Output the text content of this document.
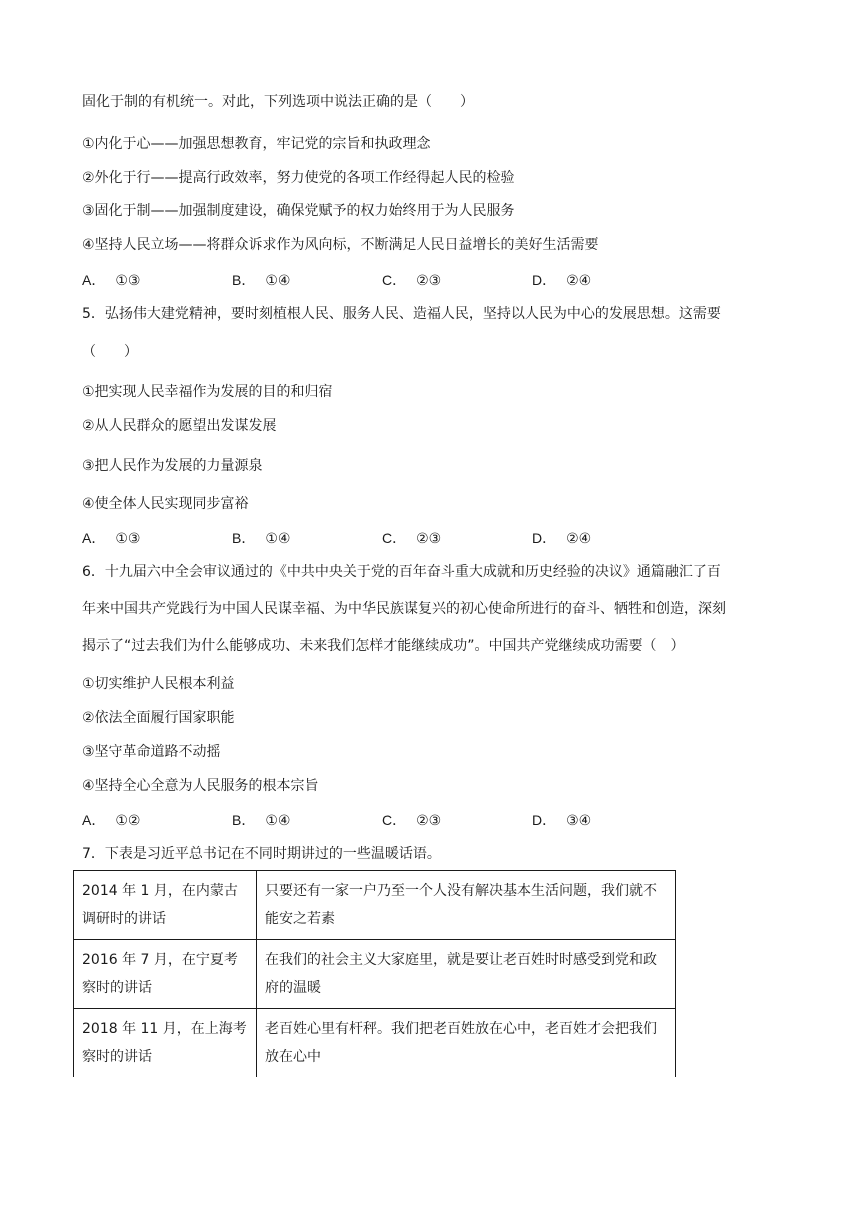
固化于制的有机统一。对此，下列选项中说法正确的是（　　）
①内化于心——加强思想教育，牢记党的宗旨和执政理念
②外化于行——提高行政效率，努力使党的各项工作经得起人民的检验
③固化于制——加强制度建设，确保党赋予的权力始终用于为人民服务
④坚持人民立场——将群众诉求作为风向标，不断满足人民日益增长的美好生活需要
A． ①③	B． ①④	C． ②③	D． ②④
5．弘扬伟大建党精神，要时刻植根人民、服务人民、造福人民，坚持以人民为中心的发展思想。这需要
（　　）
①把实现人民幸福作为发展的目的和归宿
②从人民群众的愿望出发谋发展
③把人民作为发展的力量源泉
④使全体人民实现同步富裕
A． ①③	B． ①④	C． ②③	D． ②④
6．十九届六中全会审议通过的《中共中央关于党的百年奋斗重大成就和历史经验的决议》通篇融汇了百
年来中国共产党践行为中国人民谋幸福、为中华民族谋复兴的初心使命所进行的奋斗、牺牲和创造，深刻
揭示了“过去我们为什么能够成功、未来我们怎样才能继续成功”。中国共产党继续成功需要（　）
①切实维护人民根本利益
②依法全面履行国家职能
③坚守革命道路不动摇
④坚持全心全意为人民服务的根本宗旨
A． ①②	B． ①④	C． ②③	D． ③④
7．下表是习近平总书记在不同时期讲过的一些温暖话语。
2014 年 1 月，在内蒙古调研时的讲话	只要还有一家一户乃至一个人没有解决基本生活问题，我们就不能安之若素
2016 年 7 月，在宁夏考察时的讲话	在我们的社会主义大家庭里，就是要让老百姓时时感受到党和政府的温暖
2018 年 11 月，在上海考察时的讲话	老百姓心里有杆秤。我们把老百姓放在心中，老百姓才会把我们放在心中
